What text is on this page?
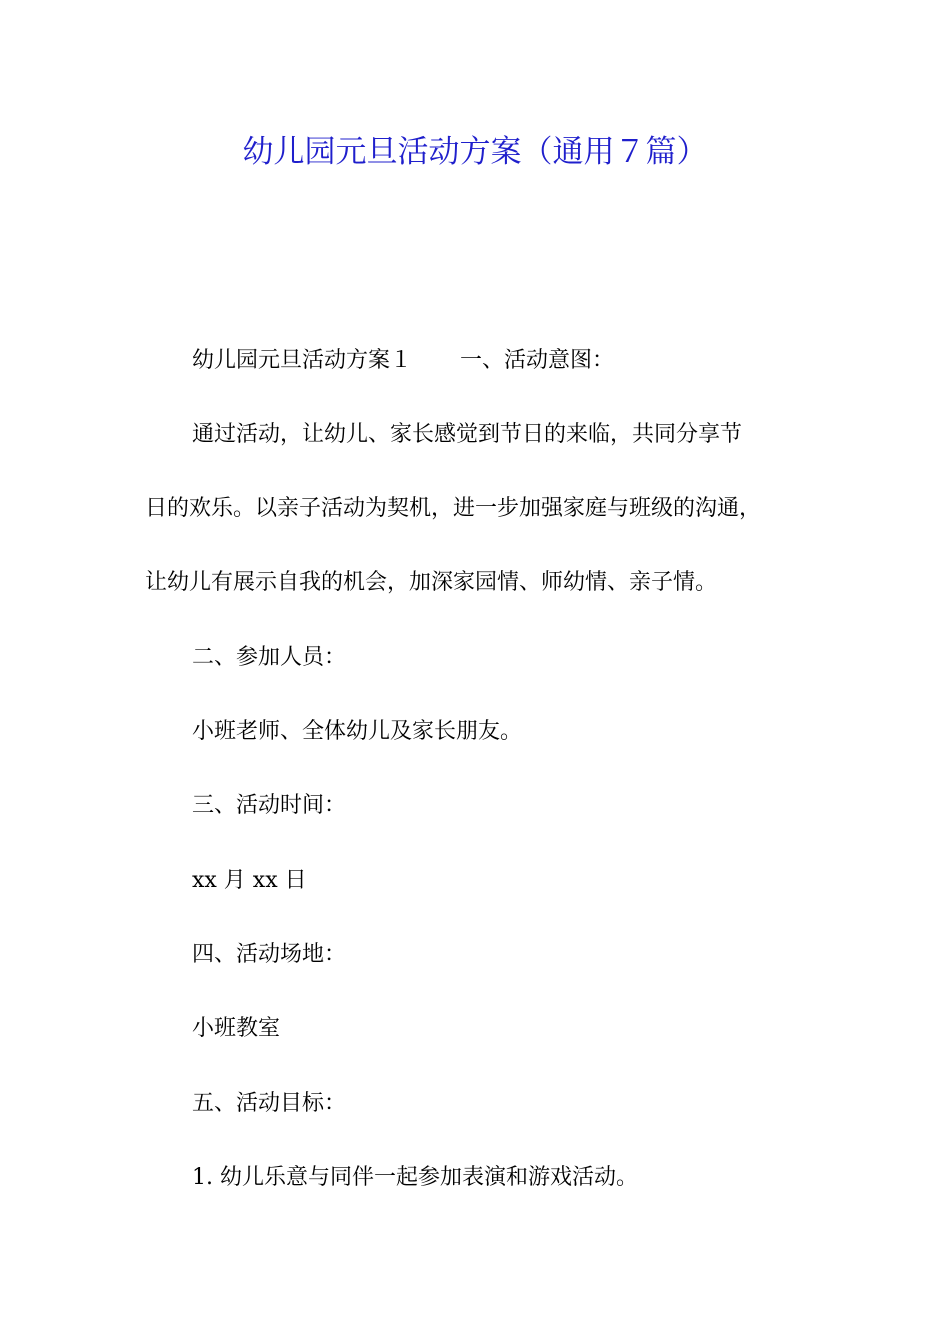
幼儿园元旦活动方案（通用７篇）
幼儿园元旦活动方案１ 一、活动意图：
通过活动，让幼儿、家长感觉到节日的来临，共同分享节
日的欢乐。以亲子活动为契机，进一步加强家庭与班级的沟通，
让幼儿有展示自我的机会，加深家园情、师幼情、亲子情。
二、参加人员：
小班老师、全体幼儿及家长朋友。
三、活动时间：
xx 月 xx 日
四、活动场地：
小班教室
五、活动目标：
1. 幼儿乐意与同伴一起参加表演和游戏活动。
